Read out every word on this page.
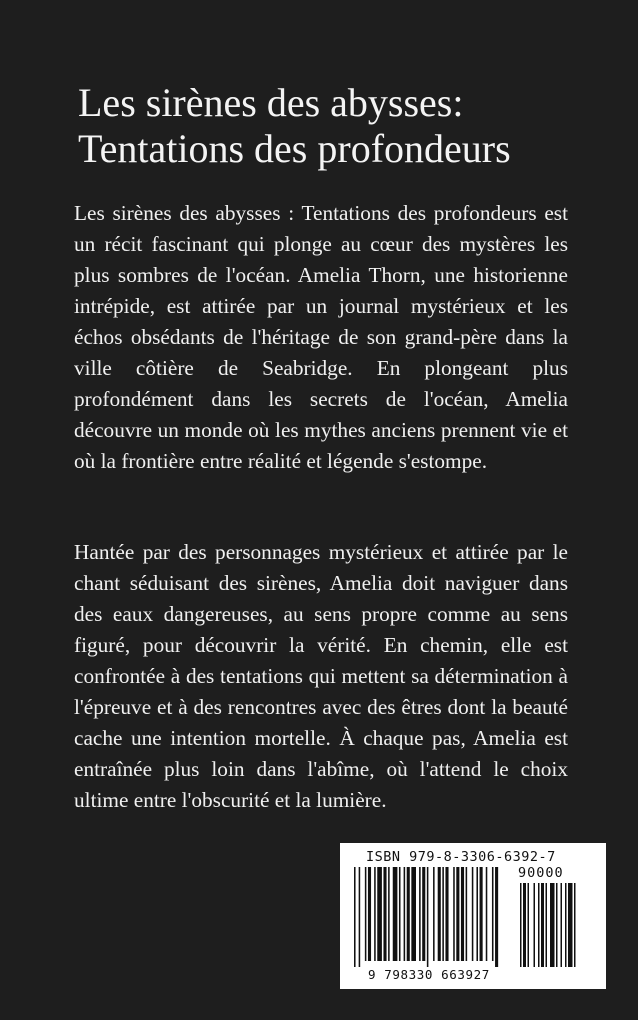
Les sirènes des abysses:
Tentations des profondeurs

Les sirènes des abysses : Tentations des profondeurs est un récit fascinant qui plonge au cœur des mystères les plus sombres de l'océan. Amelia Thorn, une historienne intrépide, est attirée par un journal mystérieux et les échos obsédants de l'héritage de son grand-père dans la ville côtière de Seabridge. En plongeant plus profondément dans les secrets de l'océan, Amelia découvre un monde où les mythes anciens prennent vie et où la frontière entre réalité et légende s'estompe.

Hantée par des personnages mystérieux et attirée par le chant séduisant des sirènes, Amelia doit naviguer dans des eaux dangereuses, au sens propre comme au sens figuré, pour découvrir la vérité. En chemin, elle est confrontée à des tentations qui mettent sa détermination à l'épreuve et à des rencontres avec des êtres dont la beauté cache une intention mortelle. À chaque pas, Amelia est entraînée plus loin dans l'abîme, où l'attend le choix ultime entre l'obscurité et la lumière.

ISBN 979-8-3306-6392-7
90000
9 798330 663927
